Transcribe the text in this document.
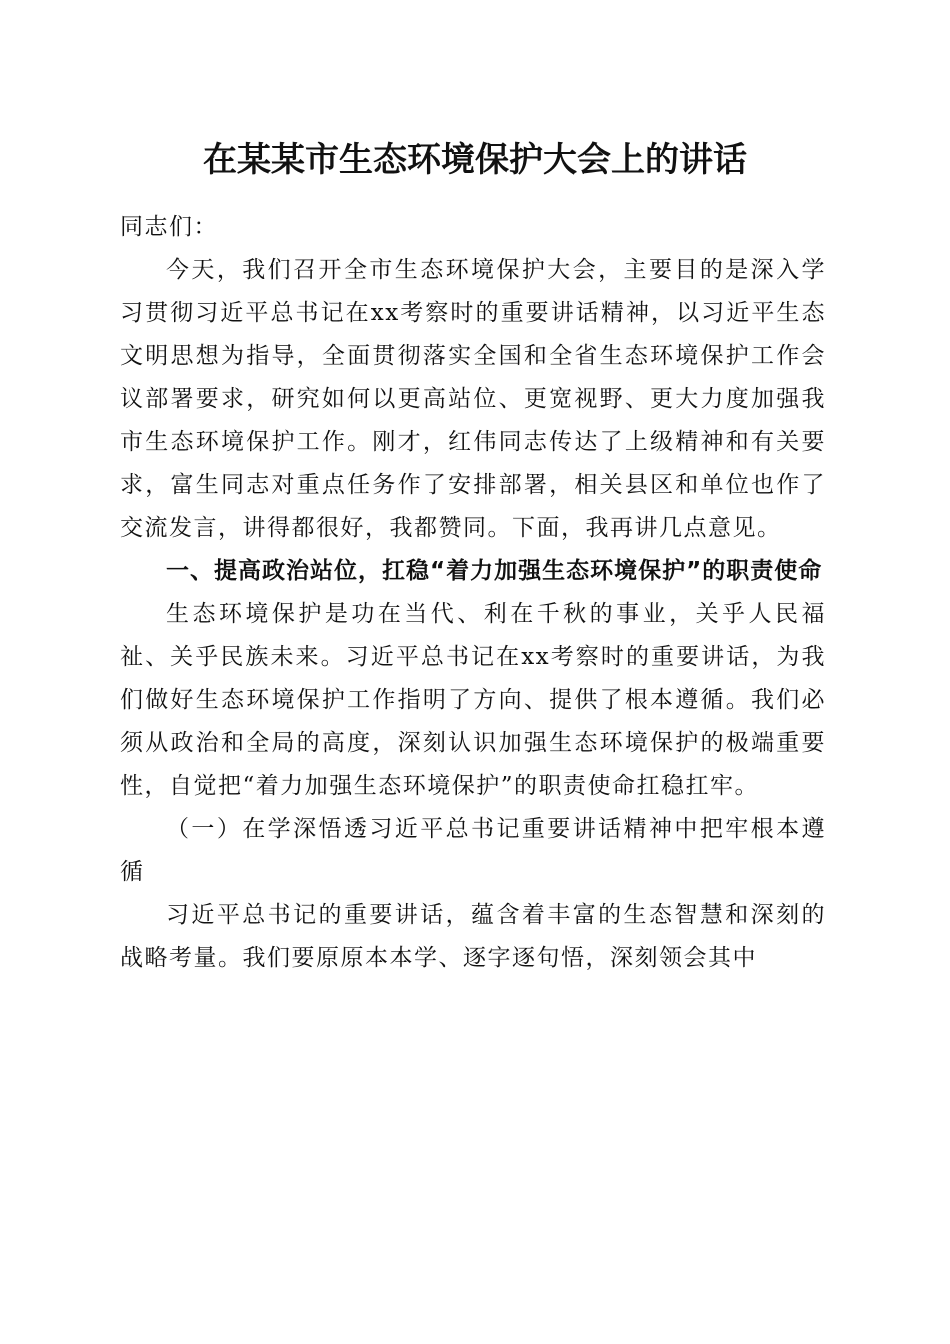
在某某市生态环境保护大会上的讲话

同志们：

今天，我们召开全市生态环境保护大会，主要目的是深入学习贯彻习近平总书记在xx考察时的重要讲话精神，以习近平生态文明思想为指导，全面贯彻落实全国和全省生态环境保护工作会议部署要求，研究如何以更高站位、更宽视野、更大力度加强我市生态环境保护工作。刚才，红伟同志传达了上级精神和有关要求，富生同志对重点任务作了安排部署，相关县区和单位也作了交流发言，讲得都很好，我都赞同。下面，我再讲几点意见。

一、提高政治站位，扛稳“着力加强生态环境保护”的职责使命

生态环境保护是功在当代、利在千秋的事业，关乎人民福祉、关乎民族未来。习近平总书记在xx考察时的重要讲话，为我们做好生态环境保护工作指明了方向、提供了根本遵循。我们必须从政治和全局的高度，深刻认识加强生态环境保护的极端重要性，自觉把“着力加强生态环境保护”的职责使命扛稳扛牢。

（一）在学深悟透习近平总书记重要讲话精神中把牢根本遵循

习近平总书记的重要讲话，蕴含着丰富的生态智慧和深刻的战略考量。我们要原原本本学、逐字逐句悟，深刻领会其中
